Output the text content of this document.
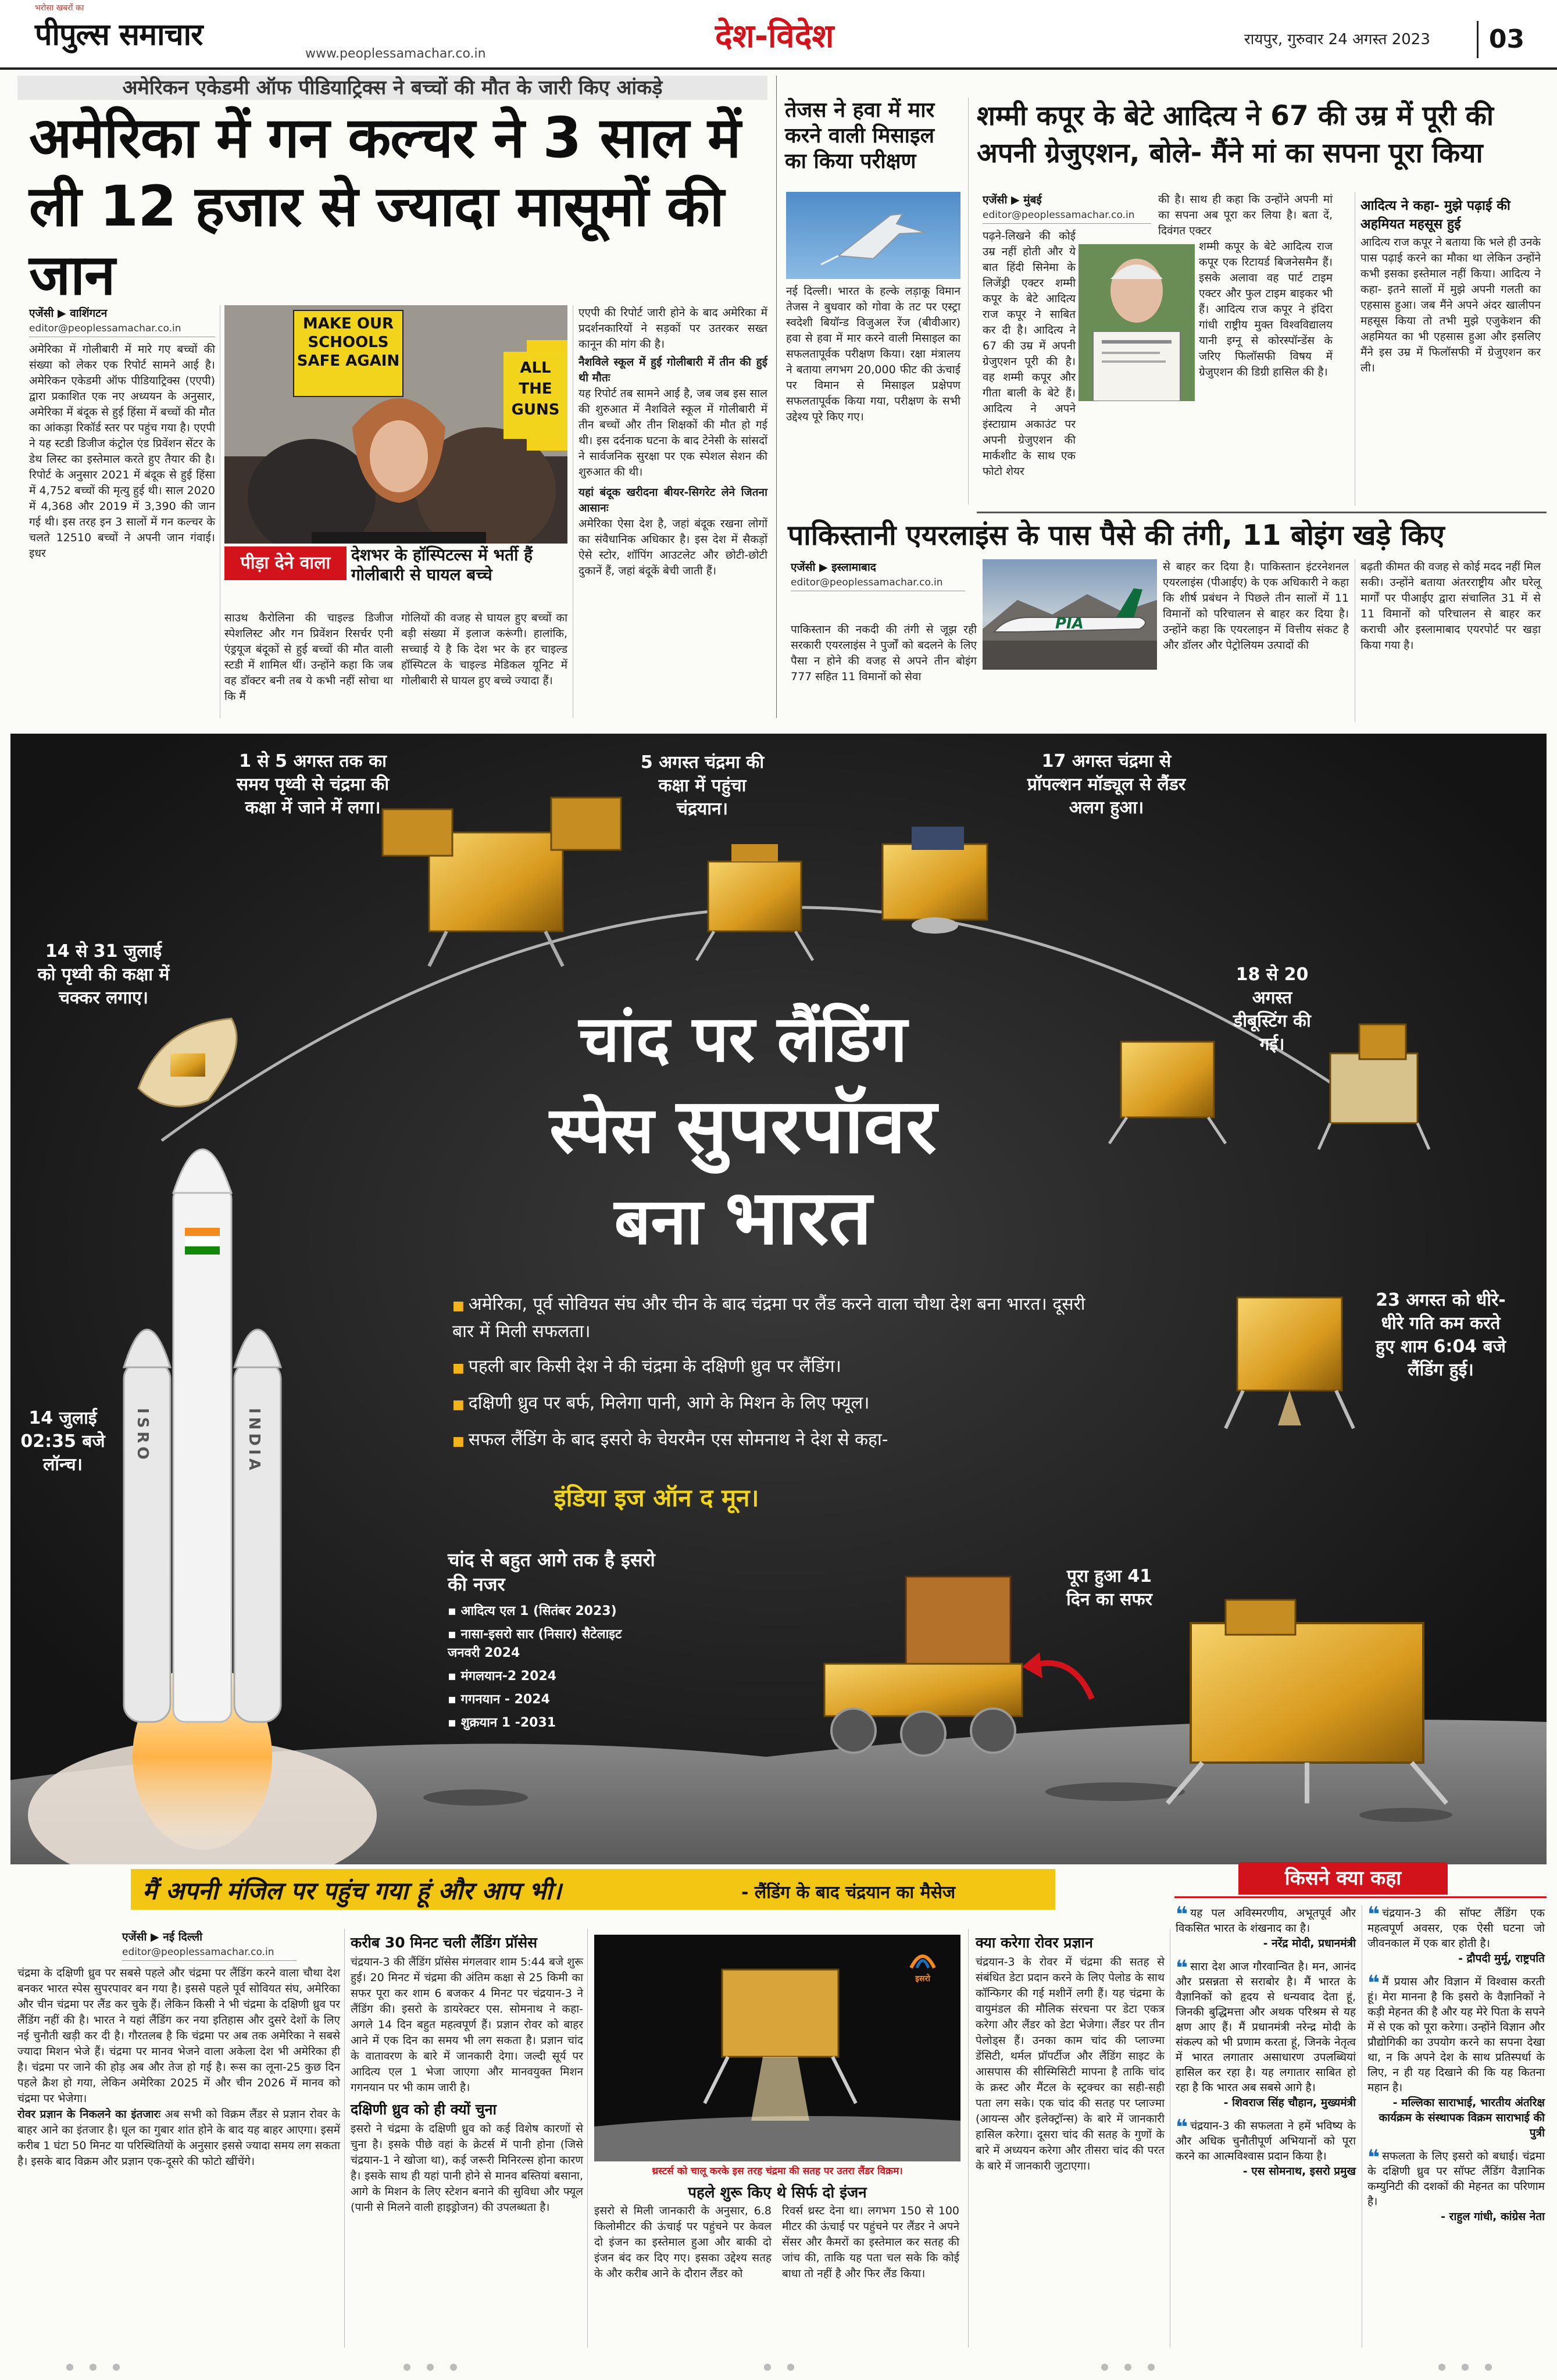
भरोसा खबरों का
पीपुल्स समाचार
www.peoplessamachar.co.in	देश-विदेश	रायपुर, गुरुवार 24 अगस्त 2023	03
अमेरिकन एकेडमी ऑफ पीडियाट्रिक्स ने बच्चों की मौत के जारी किए आंकड़े
अमेरिका में गन कल्चर ने 3 साल में
ली 12 हजार से ज्यादा मासूमों की जान
एजेंसी ▶ वाशिंगटन
editor@peoplessamachar.co.in
अमेरिका में गोलीबारी में मारे गए बच्चों की संख्या को लेकर एक रिपोर्ट सामने आई है। अमेरिकन एकेडमी ऑफ पीडियाट्रिक्स (एएपी) द्वारा प्रकाशित एक नए अध्ययन के अनुसार, अमेरिका में बंदूक से हुई हिंसा में बच्चों की मौत का आंकड़ा रिकॉर्ड स्तर पर पहुंच गया है। एएपी ने यह स्टडी डिजीज कंट्रोल एंड प्रिवेंशन सेंटर के डेथ लिस्ट का इस्तेमाल करते हुए तैयार की है। रिपोर्ट के अनुसार 2021 में बंदूक से हुई हिंसा में 4,752 बच्चों की मृत्यु हुई थी। साल 2020 में 4,368 और 2019 में 3,390 की जान गई थी। इस तरह इन 3 सालों में गन कल्चर के चलते 12510 बच्चों ने अपनी जान गंवाई। इधर
MAKE OUR SCHOOLS SAFE AGAIN	ALL THE GUNS
एएपी की रिपोर्ट जारी होने के बाद अमेरिका में प्रदर्शनकारियों ने सड़कों पर उतरकर सख्त कानून की मांग की है।
नैशविले स्कूल में हुई गोलीबारी में तीन की हुई थी मौतः
यह रिपोर्ट तब सामने आई है, जब जब इस साल की शुरुआत में नैशविले स्कूल में गोलीबारी में तीन बच्चों और तीन शिक्षकों की मौत हो गई थी। इस दर्दनाक घटना के बाद टेनेसी के सांसदों ने सार्वजनिक सुरक्षा पर एक स्पेशल सेशन की शुरुआत की थी।
यहां बंदूक खरीदना बीयर-सिगरेट लेने जितना आसानः
अमेरिका ऐसा देश है, जहां बंदूक रखना लोगों का संवैधानिक अधिकार है। इस देश में सैकड़ों ऐसे स्टोर, शॉपिंग आउटलेट और छोटी-छोटी दुकानें हैं, जहां बंदूकें बेची जाती हैं।
पीड़ा देने वाला	देशभर के हॉस्पिटल्स में भर्ती हैं गोलीबारी से घायल बच्चे
साउथ कैरोलिना की चाइल्ड डिजीज स्पेशलिस्ट और गन प्रिवेंशन रिसर्चर एनी एंड्रयूज बंदूकों से हुई बच्चों की मौत वाली स्टडी में शामिल थीं। उन्होंने कहा कि जब वह डॉक्टर बनी तब ये कभी नहीं सोचा था कि मैं
गोलियों की वजह से घायल हुए बच्चों का बड़ी संख्या में इलाज करूंगी। हालांकि, सच्चाई ये है कि देश भर के हर चाइल्ड हॉस्पिटल के चाइल्ड मेडिकल यूनिट में गोलीबारी से घायल हुए बच्चे ज्यादा हैं।
तेजस ने हवा में मार करने वाली मिसाइल का किया परीक्षण
नई दिल्ली। भारत के हल्के लड़ाकू विमान तेजस ने बुधवार को गोवा के तट पर एस्ट्रा स्वदेशी बियॉन्ड विजुअल रेंज (बीवीआर) हवा से हवा में मार करने वाली मिसाइल का सफलतापूर्वक परीक्षण किया। रक्षा मंत्रालय ने बताया लगभग 20,000 फीट की ऊंचाई पर विमान से मिसाइल प्रक्षेपण सफलतापूर्वक किया गया, परीक्षण के सभी उद्देश्य पूरे किए गए।
शम्मी कपूर के बेटे आदित्य ने 67 की उम्र में पूरी की
अपनी ग्रेजुएशन, बोले- मैंने मां का सपना पूरा किया
एजेंसी ▶ मुंबई
editor@peoplessamachar.co.in
पढ़ने-लिखने की कोई उम्र नहीं होती और ये बात हिंदी सिनेमा के लिजेंड्री एक्टर शम्मी कपूर के बेटे आदित्य राज कपूर ने साबित कर दी है। आदित्य ने 67 की उम्र में अपनी ग्रेजुएशन पूरी की है। वह शम्मी कपूर और गीता बाली के बेटे हैं। आदित्य ने अपने इंस्टाग्राम अकाउंट पर अपनी ग्रेजुएशन की मार्कशीट के साथ एक फोटो शेयर
की है। साथ ही कहा कि उन्होंने अपनी मां का सपना अब पूरा कर लिया है। बता दें, दिवंगत एक्टर
शम्मी कपूर के बेटे आदित्य राज कपूर एक रिटायर्ड बिजनेसमैन हैं। इसके अलावा वह पार्ट टाइम एक्टर और फुल टाइम बाइकर भी हैं। आदित्य राज कपूर ने इंदिरा गांधी राष्ट्रीय मुक्त विश्वविद्यालय यानी इग्नू से कोरस्पॉन्डेंस के जरिए फिलॉसफी विषय में ग्रेजुएशन की डिग्री हासिल की है।
आदित्य ने कहा- मुझे पढ़ाई की अहमियत महसूस हुई
आदित्य राज कपूर ने बताया कि भले ही उनके पास पढ़ाई करने का मौका था लेकिन उन्होंने कभी इसका इस्तेमाल नहीं किया। आदित्य ने कहा- इतने सालों में मुझे अपनी गलती का एहसास हुआ। जब मैंने अपने अंदर खालीपन महसूस किया तो तभी मुझे एजुकेशन की अहमियत का भी एहसास हुआ और इसलिए मैंने इस उम्र में फिलॉसफी में ग्रेजुएशन कर ली।
पाकिस्तानी एयरलाइंस के पास पैसे की तंगी, 11 बोइंग खड़े किए
एजेंसी ▶ इस्लामाबाद
editor@peoplessamachar.co.in
PIA
पाकिस्तान की नकदी की तंगी से जूझ रही सरकारी एयरलाइंस ने पुर्जों को बदलने के लिए पैसा न होने की वजह से अपने तीन बोइंग 777 सहित 11 विमानों को सेवा
से बाहर कर दिया है। पाकिस्तान इंटरनेशनल एयरलाइंस (पीआईए) के एक अधिकारी ने कहा कि शीर्ष प्रबंधन ने पिछले तीन सालों में 11 विमानों को परिचालन से बाहर कर दिया है। उन्होंने कहा कि एयरलाइन में वित्तीय संकट है और डॉलर और पेट्रोलियम उत्पादों की
बढ़ती कीमत की वजह से कोई मदद नहीं मिल सकी। उन्होंने बताया अंतरराष्ट्रीय और घरेलू मार्गों पर पीआईए द्वारा संचालित 31 में से 11 विमानों को परिचालन से बाहर कर कराची और इस्लामाबाद एयरपोर्ट पर खड़ा किया गया है।
ISRO	INDIA
1 से 5 अगस्त तक का समय पृथ्वी से चंद्रमा की कक्षा में जाने में लगा।
14 से 31 जुलाई को पृथ्वी की कक्षा में चक्कर लगाए।
5 अगस्त चंद्रमा की कक्षा में पहुंचा चंद्रयान।
17 अगस्त चंद्रमा से प्रॉपल्शन मॉड्यूल से लैंडर अलग हुआ।
18 से 20 अगस्त डीबूस्टिंग की गई।
23 अगस्त को धीरे- धीरे गति कम करते हुए शाम 6:04 बजे लैंडिंग हुई।
14 जुलाई 02:35 बजे लॉन्च।
पूरा हुआ 41 दिन का सफर
चांद पर लैंडिंग
स्पेस सुपरपॉवर
बना भारत
■ अमेरिका, पूर्व सोवियत संघ और चीन के बाद चंद्रमा पर लैंड करने वाला चौथा देश बना भारत। दूसरी बार में मिली सफलता।
■ पहली बार किसी देश ने की चंद्रमा के दक्षिणी ध्रुव पर लैंडिंग।
■ दक्षिणी ध्रुव पर बर्फ, मिलेगा पानी, आगे के मिशन के लिए फ्यूल।
■ सफल लैंडिंग के बाद इसरो के चेयरमैन एस सोमनाथ ने देश से कहा-
इंडिया इज ऑन द मून।
चांद से बहुत आगे तक है इसरो की नजर
▪ आदित्य एल 1 (सितंबर 2023)
▪ नासा-इसरो सार (निसार) सैटेलाइट जनवरी 2024
▪ मंगलयान-2 2024
▪ गगनयान - 2024
▪ शुक्रयान 1 -2031
मैं अपनी मंजिल पर पहुंच गया हूं और आप भी।	- लैंडिंग के बाद चंद्रयान का मैसेज
एजेंसी ▶ नई दिल्ली
editor@peoplessamachar.co.in
चंद्रमा के दक्षिणी ध्रुव पर सबसे पहले और चंद्रमा पर लैंडिंग करने वाला चौथा देश बनकर भारत स्पेस सुपरपावर बन गया है। इससे पहले पूर्व सोवियत संघ, अमेरिका और चीन चंद्रमा पर लैंड कर चुके हैं। लेकिन किसी ने भी चंद्रमा के दक्षिणी ध्रुव पर लैंडिंग नहीं की है। भारत ने यहां लैंडिंग कर नया इतिहास और दुसरे देशों के लिए नई चुनौती खड़ी कर दी है। गौरतलब है कि चंद्रमा पर अब तक अमेरिका ने सबसे ज्यादा मिशन भेजे हैं। चंद्रमा पर मानव भेजने वाला अकेला देश भी अमेरिका ही है। चंद्रमा पर जाने की होड़ अब और तेज हो गई है। रूस का लूना-25 कुछ दिन पहले क्रैश हो गया, लेकिन अमेरिका 2025 में और चीन 2026 में मानव को चंद्रमा पर भेजेगा।
रोवर प्रज्ञान के निकलने का इंतजारः अब सभी को विक्रम लैंडर से प्रज्ञान रोवर के बाहर आने का इंतजार है। धूल का गुबार शांत होने के बाद यह बाहर आएगा। इसमें करीब 1 घंटा 50 मिनट या परिस्थितियों के अनुसार इससे ज्यादा समय लग सकता है। इसके बाद विक्रम और प्रज्ञान एक-दूसरे की फोटो खींचेंगे।
करीब 30 मिनट चली लैंडिंग प्रॉसेस
चंद्रयान-3 की लैंडिंग प्रॉसेस मंगलवार शाम 5:44 बजे शुरू हुई। 20 मिनट में चंद्रमा की अंतिम कक्षा से 25 किमी का सफर पूरा कर शाम 6 बजकर 4 मिनट पर चंद्रयान-3 ने लैंडिंग की। इसरो के डायरेक्टर एस. सोमनाथ ने कहा- अगले 14 दिन बहुत महत्वपूर्ण हैं। प्रज्ञान रोवर को बाहर आने में एक दिन का समय भी लग सकता है। प्रज्ञान चांद के वातावरण के बारे में जानकारी देगा। जल्दी सूर्य पर आदित्य एल 1 भेजा जाएगा और मानवयुक्त मिशन गगनयान पर भी काम जारी है।
दक्षिणी ध्रुव को ही क्यों चुना
इसरो ने चंद्रमा के दक्षिणी ध्रुव को कई विशेष कारणों से चुना है। इसके पीछे वहां के क्रेटर्स में पानी होना (जिसे चंद्रयान-1 ने खोजा था), कई जरूरी मिनिरल्स होना कारण है। इसके साथ ही यहां पानी होने से मानव बस्तियां बसाना, आगे के मिशन के लिए स्टेशन बनाने की सुविधा और फ्यूल (पानी से मिलने वाली हाइड्रोजन) की उपलब्धता है।
इसरो
थ्रस्टर्स को चालू करके इस तरह चंद्रमा की सतह पर उतरा लैंडर विक्रम।
पहले शुरू किए थे सिर्फ दो इंजन
इसरो से मिली जानकारी के अनुसार, 6.8 किलोमीटर की ऊंचाई पर पहुंचने पर केवल दो इंजन का इस्तेमाल हुआ और बाकी दो इंजन बंद कर दिए गए। इसका उद्देश्य सतह के और करीब आने के दौरान लैंडर को
रिवर्स थ्रस्ट देना था। लगभग 150 से 100 मीटर की ऊंचाई पर पहुंचने पर लैंडर ने अपने सेंसर और कैमरों का इस्तेमाल कर सतह की जांच की, ताकि यह पता चल सके कि कोई बाधा तो नहीं है और फिर लैंड किया।
क्या करेगा रोवर प्रज्ञान
चंद्रयान-3 के रोवर में चंद्रमा की सतह से संबंधित डेटा प्रदान करने के लिए पेलोड के साथ कॉन्फिगर की गई मशीनें लगी हैं। यह चंद्रमा के वायुमंडल की मौलिक संरचना पर डेटा एकत्र करेगा और लैंडर को डेटा भेजेगा। लैंडर पर तीन पेलोड्स हैं। उनका काम चांद की प्लाज्मा डेंसिटी, थर्मल प्रॉपर्टीज और लैंडिंग साइट के आसपास की सीस्मिसिटी मापना है ताकि चांद के क्रस्ट और मैंटल के स्ट्रक्चर का सही-सही पता लग सके। एक चांद की सतह पर प्लाज्मा (आयन्स और इलेक्ट्रॉन्स) के बारे में जानकारी हासिल करेगा। दूसरा चांद की सतह के गुणों के बारे में अध्ययन करेगा और तीसरा चांद की परत के बारे में जानकारी जुटाएगा।
किसने क्या कहा
❝ यह पल अविस्मरणीय, अभूतपूर्व और विकसित भारत के शंखनाद का है।
- नरेंद्र मोदी, प्रधानमंत्री
❝ सारा देश आज गौरवान्वित है। मन, आनंद और प्रसन्नता से सराबोर है। मैं भारत के वैज्ञानिकों को हृदय से धन्यवाद देता हूं, जिनकी बुद्धिमत्ता और अथक परिश्रम से यह क्षण आए हैं। मैं प्रधानमंत्री नरेन्द्र मोदी के संकल्प को भी प्रणाम करता हूं, जिनके नेतृत्व में भारत लगातार असाधारण उपलब्धियां हासिल कर रहा है। यह लगातार साबित हो रहा है कि भारत अब सबसे आगे है।
- शिवराज सिंह चौहान, मुख्यमंत्री
❝ चंद्रयान-3 की सफलता ने हमें भविष्य के और अधिक चुनौतीपूर्ण अभियानों को पूरा करने का आत्मविश्वास प्रदान किया है।
- एस सोमनाथ, इसरो प्रमुख
❝ चंद्रयान-3 की सॉफ्ट लैंडिंग एक महत्वपूर्ण अवसर, एक ऐसी घटना जो जीवनकाल में एक बार होती है।
- द्रौपदी मुर्मू, राष्ट्रपति
❝ मैं प्रयास और विज्ञान में विश्वास करती हूं। मेरा मानना है कि इसरो के वैज्ञानिकों ने कड़ी मेहनत की है और यह मेरे पिता के सपने में से एक को पूरा करेगा। उन्होंने विज्ञान और प्रौद्योगिकी का उपयोग करने का सपना देखा था, न कि अपने देश के साथ प्रतिस्पर्धा के लिए, न ही यह दिखाने की कि यह कितना महान है।
- मल्लिका साराभाई, भारतीय अंतरिक्ष कार्यक्रम के संस्थापक विक्रम साराभाई की पुत्री
❝ सफलता के लिए इसरो को बधाई। चंद्रमा के दक्षिणी ध्रुव पर सॉफ्ट लैंडिंग वैज्ञानिक कम्युनिटी की दशकों की मेहनत का परिणाम है।
- राहुल गांधी, कांग्रेस नेता
